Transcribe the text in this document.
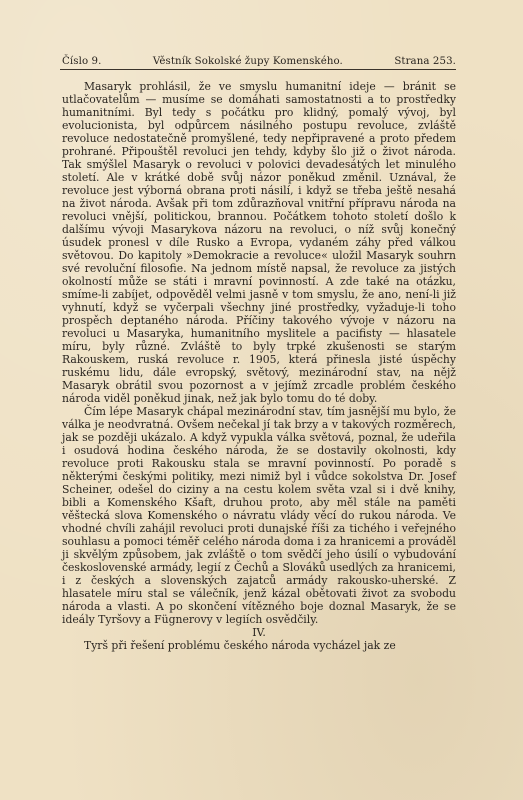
Číslo 9.	Věstník Sokolské župy Komenského.	Strana 253.

Masaryk prohlásil, že ve smyslu humanitní ideje — bránit se utlačovatelům — musíme se domáhati samostatnosti a to prostředky humanitními. Byl tedy s počátku pro klidný, pomalý vývoj, byl evolucionista, byl odpůrcem násilného postupu revoluce, zvláště revoluce nedostatečně promyšlené, tedy nepřipravené a proto předem prohrané. Připouštěl revoluci jen tehdy, kdyby šlo již o život národa. Tak smýšlel Masaryk o revoluci v polovici devadesátých let minulého století. Ale v krátké době svůj názor poněkud změnil. Uznával, že revoluce jest výborná obrana proti násilí, i když se třeba ještě nesahá na život národa. Avšak při tom zdůrazňoval vnitřní přípravu národa na revoluci vnější, politickou, brannou. Počátkem tohoto století došlo k dalšímu vývoji Masarykova názoru na revoluci, o níž svůj konečný úsudek pronesl v díle Rusko a Evropa, vydaném záhy před válkou světovou. Do kapitoly »Demokracie a revoluce« uložil Masaryk souhrn své revoluční filosofie. Na jednom místě napsal, že revoluce za jistých okolností může se státi i mravní povinností. A zde také na otázku, smíme-li zabíjet, odpověděl velmi jasně v tom smyslu, že ano, není-li již vyhnutí, když se vyčerpali všechny jiné prostředky, vyžaduje-li toho prospěch deptaného národa. Příčiny takového vývoje v názoru na revoluci u Masaryka, humanitního myslitele a pacifisty — hlasatele míru, byly různé. Zvláště to byly trpké zkušenosti se starým Rakouskem, ruská revoluce r. 1905, která přinesla jisté úspěchy ruskému lidu, dále evropský, světový, mezinárodní stav, na nějž Masaryk obrátil svou pozornost a v jejímž zrcadle problém českého národa viděl poněkud jinak, než jak bylo tomu do té doby.

Čím lépe Masaryk chápal mezinárodní stav, tím jasnější mu bylo, že válka je neodvratná. Ovšem nečekal jí tak brzy a v takových rozměrech, jak se později ukázalo. A když vypukla válka světová, poznal, že udeřila i osudová hodina českého národa, že se dostavily okolnosti, kdy revoluce proti Rakousku stala se mravní povinností. Po poradě s některými českými politiky, mezi nimiž byl i vůdce sokolstva Dr. Josef Scheiner, odešel do ciziny a na cestu kolem světa vzal si i dvě knihy, bibli a Komenského Kšaft, druhou proto, aby měl stále na paměti věštecká slova Komenského o návratu vlády věcí do rukou národa. Ve vhodné chvíli zahájil revoluci proti dunajské říši za tichého i veřejného souhlasu a pomoci téměř celého národa doma i za hranicemi a prováděl ji skvělým způsobem, jak zvláště o tom svědčí jeho úsilí o vybudování československé armády, legií z Čechů a Slováků usedlých za hranicemi, i z českých a slovenských zajatců armády rakousko-uherské. Z hlasatele míru stal se válečník, jenž kázal obětovati život za svobodu národa a vlasti. A po skončení vítězného boje doznal Masaryk, že se ideály Tyršovy a Fügnerovy v legiích osvědčily.

IV.

Tyrš při řešení problému českého národa vycházel jak ze
